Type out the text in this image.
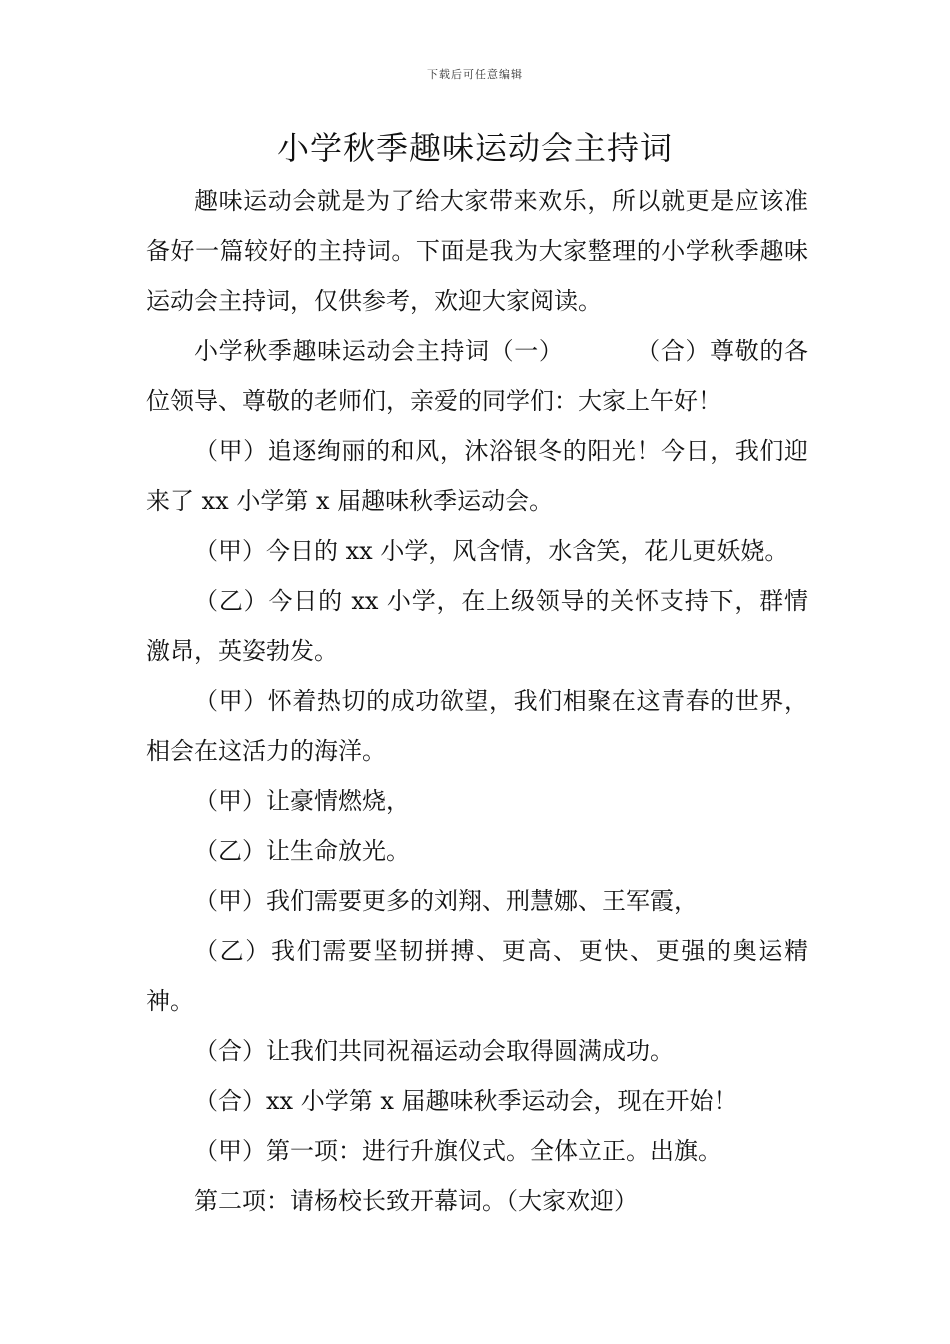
下载后可任意编辑
小学秋季趣味运动会主持词

趣味运动会就是为了给大家带来欢乐，所以就更是应该准备好一篇较好的主持词。下面是我为大家整理的小学秋季趣味运动会主持词，仅供参考，欢迎大家阅读。

小学秋季趣味运动会主持词（一）	（合）尊敬的各位领导、尊敬的老师们，亲爱的同学们：大家上午好！

（甲）追逐绚丽的和风，沐浴银冬的阳光！今日，我们迎来了 xx 小学第 x 届趣味秋季运动会。

（甲）今日的 xx 小学，风含情，水含笑，花儿更妖娆。

（乙）今日的 xx 小学，在上级领导的关怀支持下，群情激昂，英姿勃发。

（甲）怀着热切的成功欲望，我们相聚在这青春的世界，相会在这活力的海洋。

（甲）让豪情燃烧，

（乙）让生命放光。

（甲）我们需要更多的刘翔、刑慧娜、王军霞，

（乙）我们需要坚韧拼搏、更高、更快、更强的奥运精神。

（合）让我们共同祝福运动会取得圆满成功。

（合）xx 小学第 x 届趣味秋季运动会，现在开始！

（甲）第一项：进行升旗仪式。全体立正。出旗。

第二项：请杨校长致开幕词。（大家欢迎）
